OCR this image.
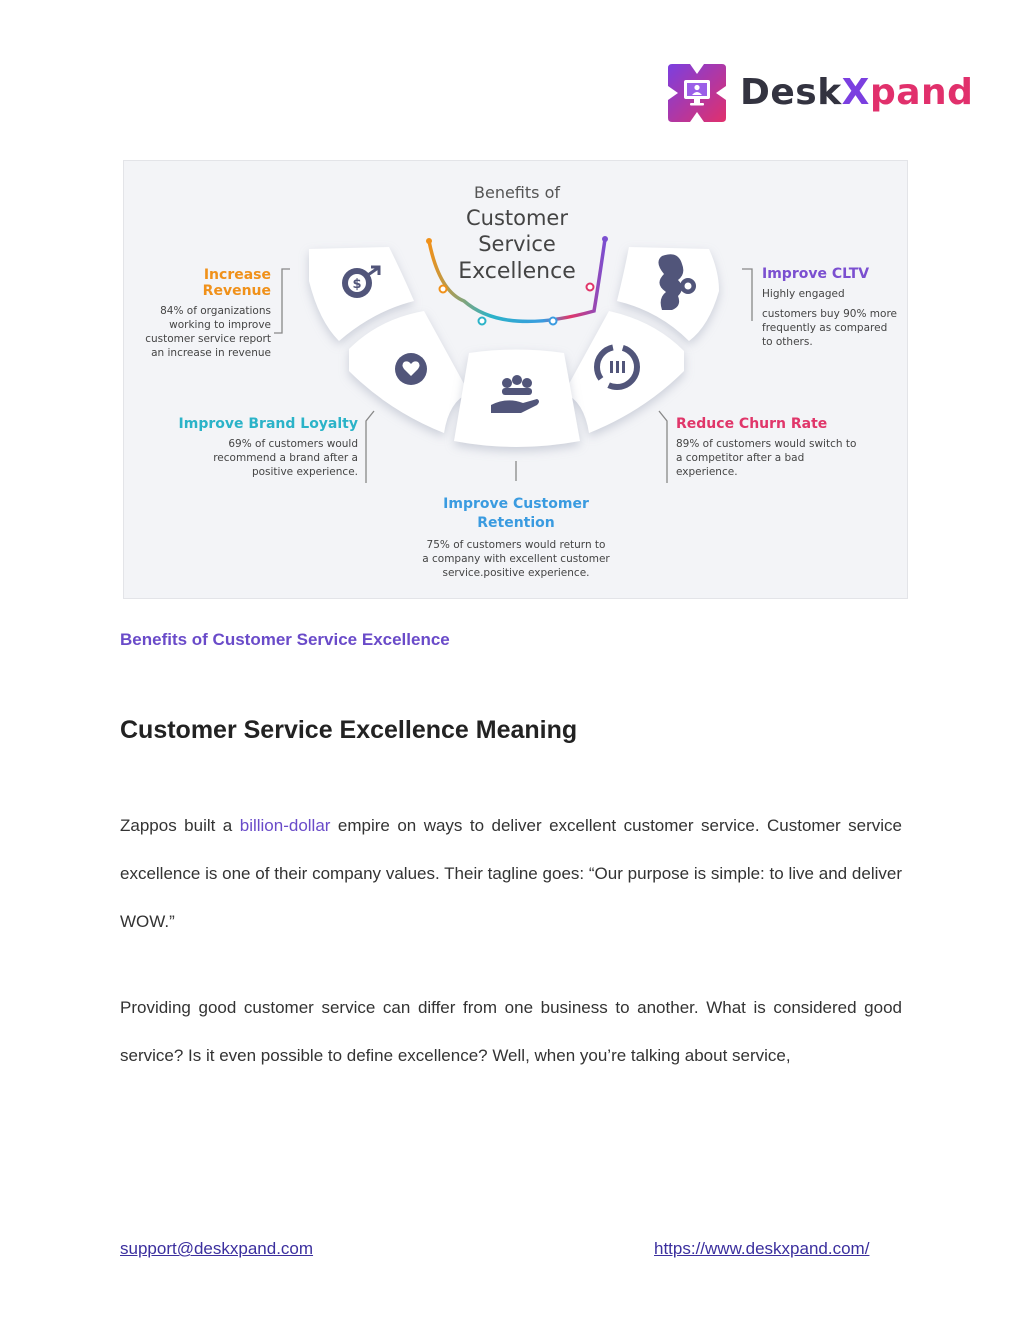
DeskXpand
$
Benefits of
Customer
Service
Excellence
Increase Revenue
84% of organizations
working to improve
customer service report
an increase in revenue
Improve Brand Loyalty
69% of customers would
recommend a brand after a
positive experience.
Improve Customer
Retention
75% of customers would return to
a company with excellent customer
service.positive experience.
Reduce Churn Rate
89% of customers would switch to
a competitor after a bad
experience.
Improve CLTV
Highly engaged
customers buy 90% more
frequently as compared
to others.
Benefits of Customer Service Excellence
Customer Service Excellence Meaning
Zappos built a billion-dollar empire on ways to deliver excellent customer service. Customer service excellence is one of their company values. Their tagline goes: “Our purpose is simple: to live and deliver WOW.”
Providing good customer service can differ from one business to another. What is considered good service? Is it even possible to define excellence? Well, when you’re talking about service,
support@deskxpand.com	https://www.deskxpand.com/
